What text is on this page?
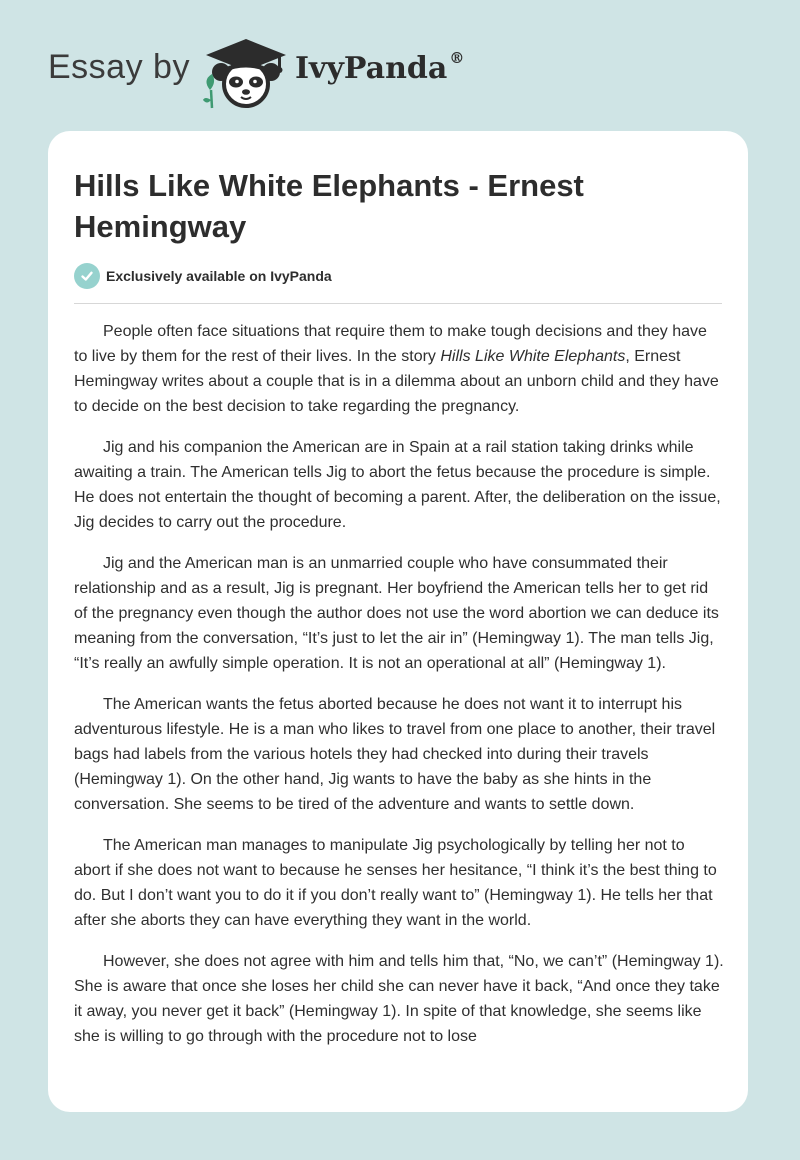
Essay by	IvyPanda ®
Hills Like White Elephants - Ernest Hemingway
Exclusively available on IvyPanda

People often face situations that require them to make tough decisions and they have to live by them for the rest of their lives. In the story Hills Like White Elephants, Ernest Hemingway writes about a couple that is in a dilemma about an unborn child and they have to decide on the best decision to take regarding the pregnancy.

Jig and his companion the American are in Spain at a rail station taking drinks while awaiting a train. The American tells Jig to abort the fetus because the procedure is simple. He does not entertain the thought of becoming a parent. After, the deliberation on the issue, Jig decides to carry out the procedure.

Jig and the American man is an unmarried couple who have consummated their relationship and as a result, Jig is pregnant. Her boyfriend the American tells her to get rid of the pregnancy even though the author does not use the word abortion we can deduce its meaning from the conversation, “It’s just to let the air in” (Hemingway 1). The man tells Jig, “It’s really an awfully simple operation. It is not an operational at all” (Hemingway 1).

The American wants the fetus aborted because he does not want it to interrupt his adventurous lifestyle. He is a man who likes to travel from one place to another, their travel bags had labels from the various hotels they had checked into during their travels (Hemingway 1). On the other hand, Jig wants to have the baby as she hints in the conversation. She seems to be tired of the adventure and wants to settle down.

The American man manages to manipulate Jig psychologically by telling her not to abort if she does not want to because he senses her hesitance, “I think it’s the best thing to do. But I don’t want you to do it if you don’t really want to” (Hemingway 1). He tells her that after she aborts they can have everything they want in the world.

However, she does not agree with him and tells him that, “No, we can’t” (Hemingway 1). She is aware that once she loses her child she can never have it back, “And once they take it away, you never get it back” (Hemingway 1). In spite of that knowledge, she seems like she is willing to go through with the procedure not to lose
